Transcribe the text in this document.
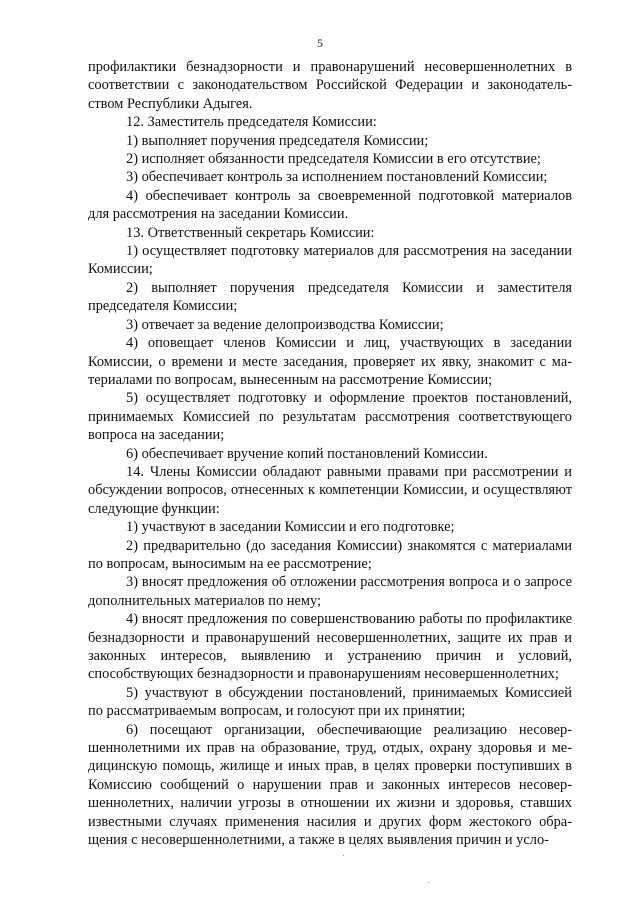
5

профилактики безнадзорности и правонарушений несовершеннолетних в соответствии с законодательством Российской Федерации и законодательством Республики Адыгея.

12. Заместитель председателя Комиссии:

1) выполняет поручения председателя Комиссии;

2) исполняет обязанности председателя Комиссии в его отсутствие;

3) обеспечивает контроль за исполнением постановлений Комиссии;

4) обеспечивает контроль за своевременной подготовкой материалов для рассмотрения на заседании Комиссии.

13. Ответственный секретарь Комиссии:

1) осуществляет подготовку материалов для рассмотрения на заседании Комиссии;

2) выполняет поручения председателя Комиссии и заместителя председателя Комиссии;

3) отвечает за ведение делопроизводства Комиссии;

4) оповещает членов Комиссии и лиц, участвующих в заседании Комиссии, о времени и месте заседания, проверяет их явку, знакомит с материалами по вопросам, вынесенным на рассмотрение Комиссии;

5) осуществляет подготовку и оформление проектов постановлений, принимаемых Комиссией по результатам рассмотрения соответствующего вопроса на заседании;

6) обеспечивает вручение копий постановлений Комиссии.

14. Члены Комиссии обладают равными правами при рассмотрении и обсуждении вопросов, отнесенных к компетенции Комиссии, и осуществляют следующие функции:

1) участвуют в заседании Комиссии и его подготовке;

2) предварительно (до заседания Комиссии) знакомятся с материалами по вопросам, выносимым на ее рассмотрение;

3) вносят предложения об отложении рассмотрения вопроса и о запросе дополнительных материалов по нему;

4) вносят предложения по совершенствованию работы по профилактике безнадзорности и правонарушений несовершеннолетних, защите их прав и законных интересов, выявлению и устранению причин и условий, способствующих безнадзорности и правонарушениям несовершеннолетних;

5) участвуют в обсуждении постановлений, принимаемых Комиссией по рассматриваемым вопросам, и голосуют при их принятии;

6) посещают организации, обеспечивающие реализацию несовершеннолетними их прав на образование, труд, отдых, охрану здоровья и медицинскую помощь, жилище и иных прав, в целях проверки поступивших в Комиссию сообщений о нарушении прав и законных интересов несовершеннолетних, наличии угрозы в отношении их жизни и здоровья, ставших известными случаях применения насилия и других форм жестокого обращения с несовершеннолетними, а также в целях выявления причин и усло-
